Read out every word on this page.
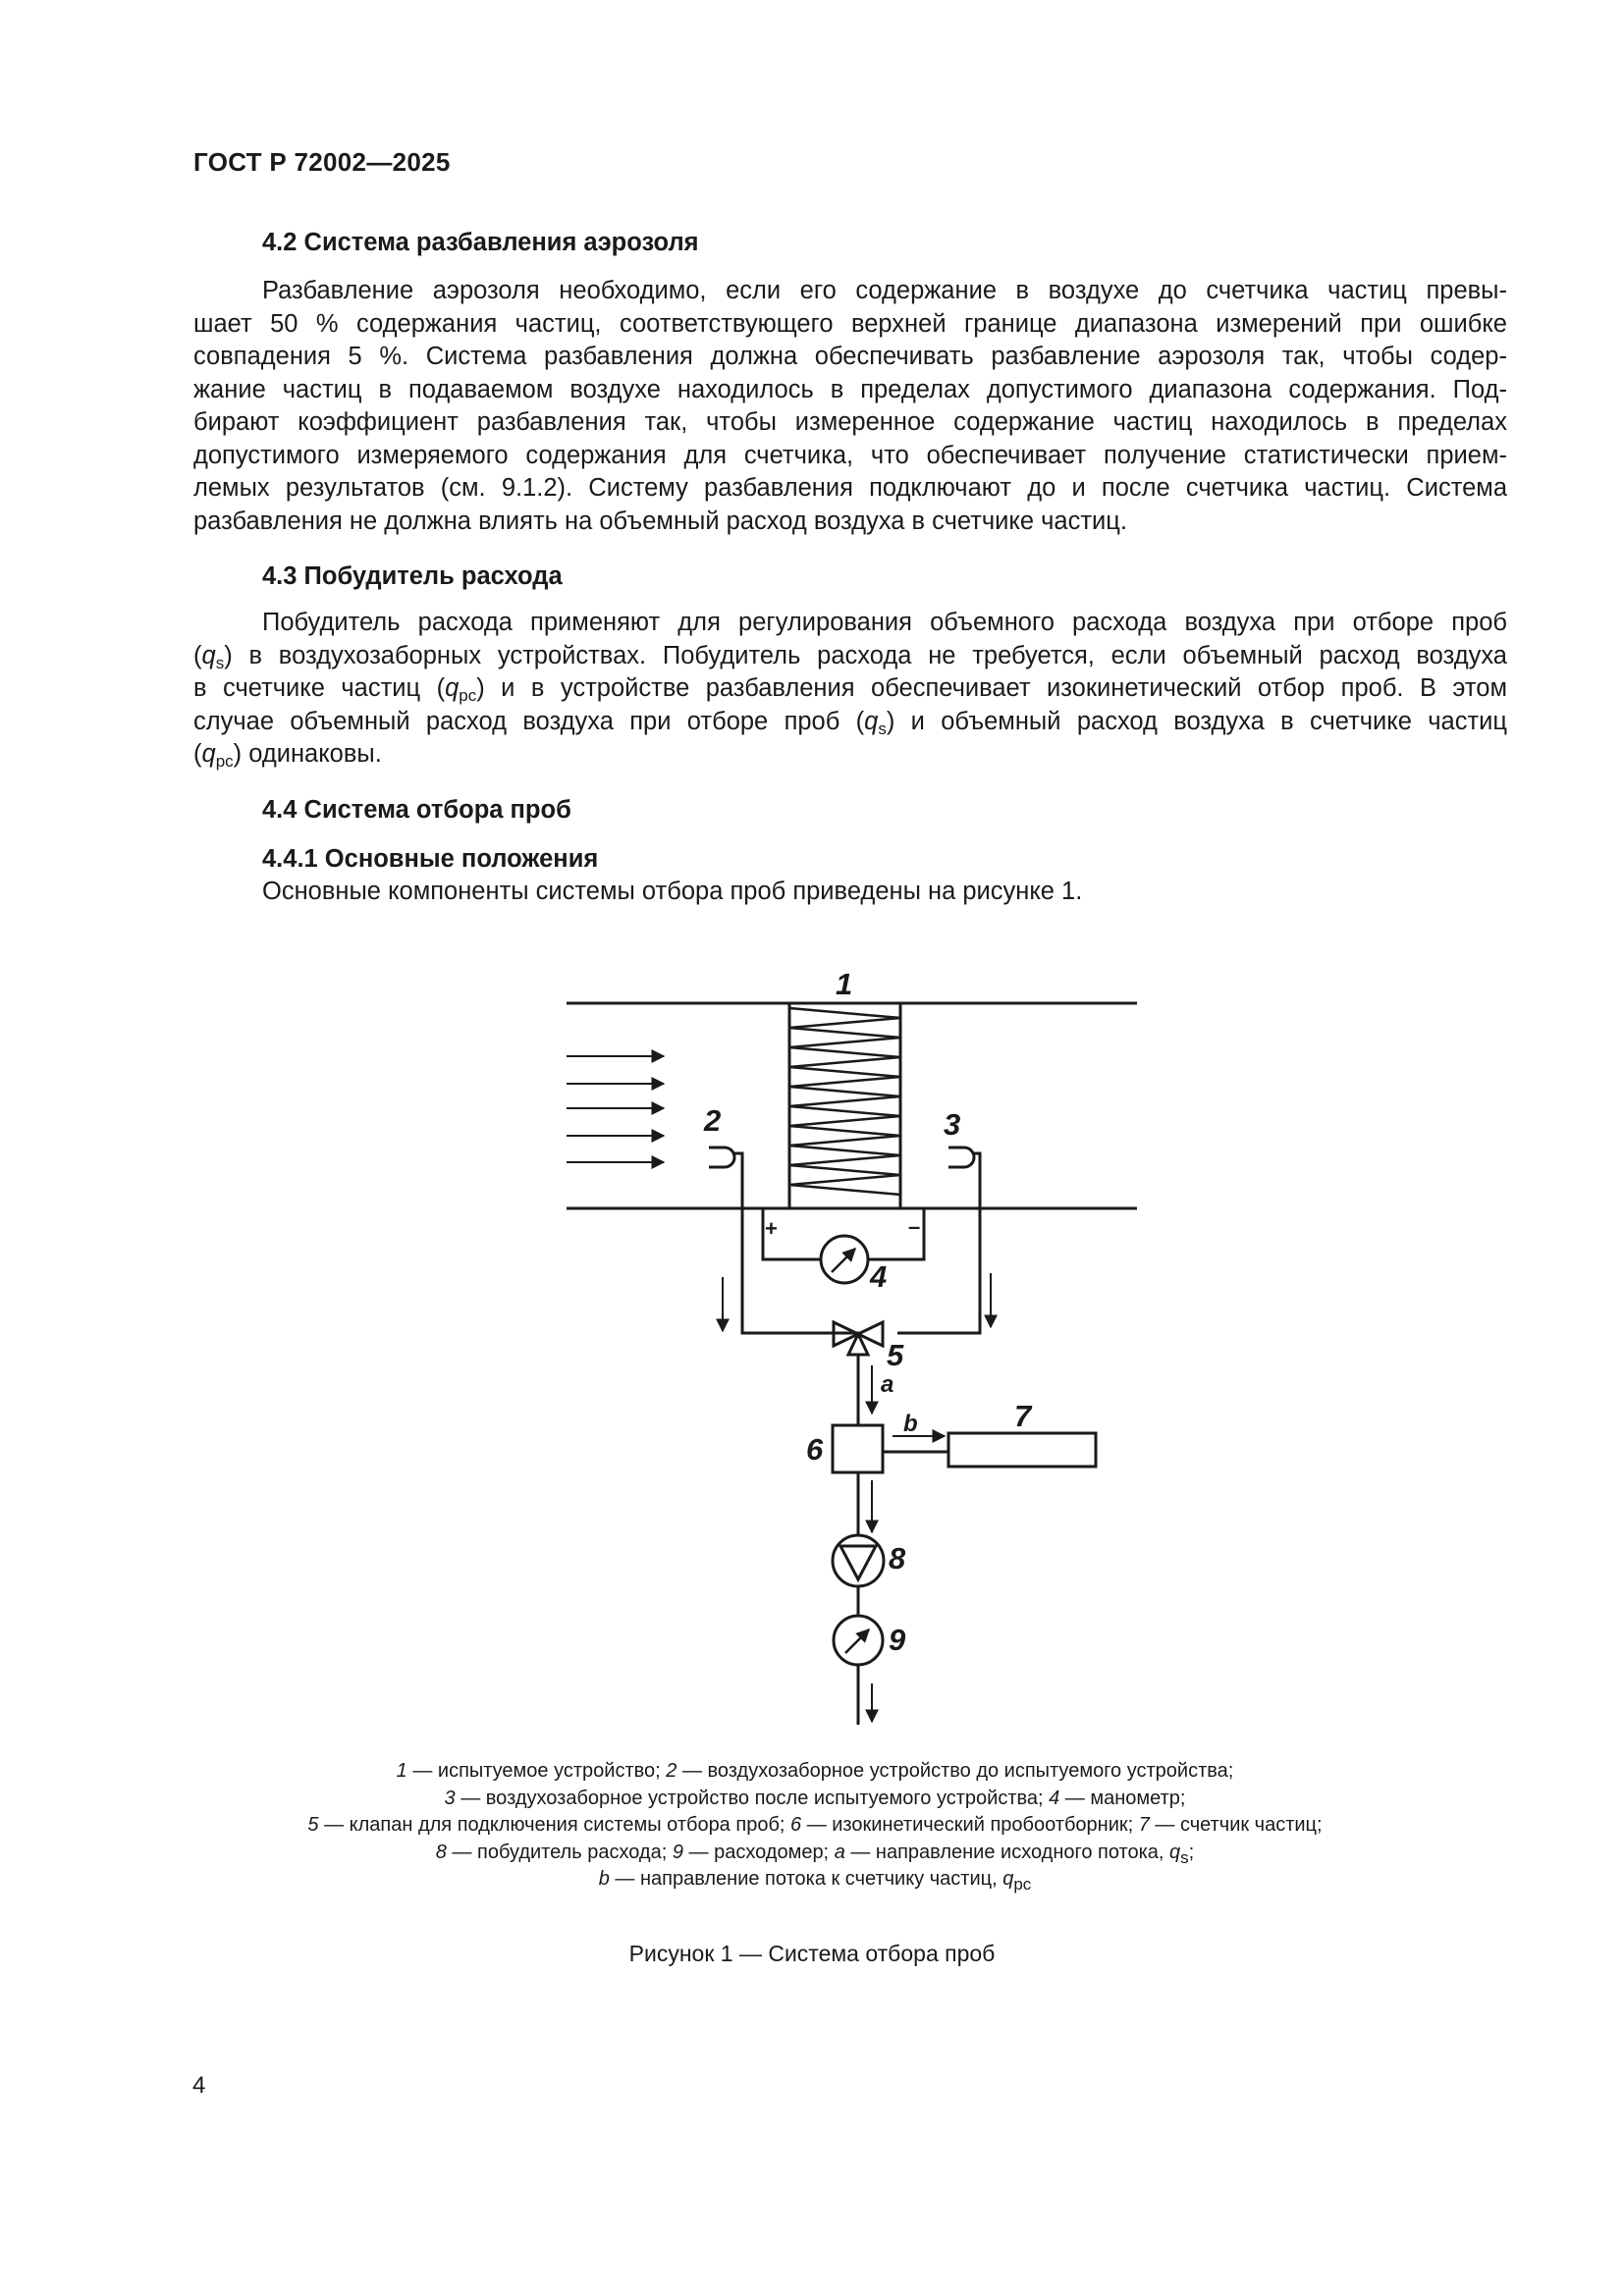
ГОСТ Р 72002—2025
4.2 Система разбавления аэрозоля
Разбавление аэрозоля необходимо, если его содержание в воздухе до счетчика частиц превы-
шает 50 % содержания частиц, соответствующего верхней границе диапазона измерений при ошибке
совпадения 5 %. Система разбавления должна обеспечивать разбавление аэрозоля так, чтобы содер-
жание частиц в подаваемом воздухе находилось в пределах допустимого диапазона содержания. Под-
бирают коэффициент разбавления так, чтобы измеренное содержание частиц находилось в пределах
допустимого измеряемого содержания для счетчика, что обеспечивает получение статистически прием-
лемых результатов (см. 9.1.2). Систему разбавления подключают до и после счетчика частиц. Система
разбавления не должна влиять на объемный расход воздуха в счетчике частиц.
4.3 Побудитель расхода
Побудитель расхода применяют для регулирования объемного расхода воздуха при отборе проб
$(q_s)$ в воздухозаборных устройствах. Побудитель расхода не требуется, если объемный расход воздуха
в счетчике частиц $(q_{pc})$ и в устройстве разбавления обеспечивает изокинетический отбор проб. В этом
случае объемный расход воздуха при отборе проб $(q_s)$ и объемный расход воздуха в счетчике частиц
$(q_{pc})$ одинаковы.
4.4 Система отбора проб
4.4.1 Основные положения
Основные компоненты системы отбора проб приведены на рисунке 1.
1
2	3
4
5
6
7
8
9
a
b
+	–
1 — испытуемое устройство; 2 — воздухозаборное устройство до испытуемого устройства;
3 — воздухозаборное устройство после испытуемого устройства; 4 — манометр;
5 — клапан для подключения системы отбора проб; 6 — изокинетический пробоотборник; 7 — счетчик частиц;
8 — побудитель расхода; 9 — расходомер; a — направление исходного потока, $q_s$;
b — направление потока к счетчику частиц, $q_{pc}$
Рисунок 1 — Система отбора проб
4
